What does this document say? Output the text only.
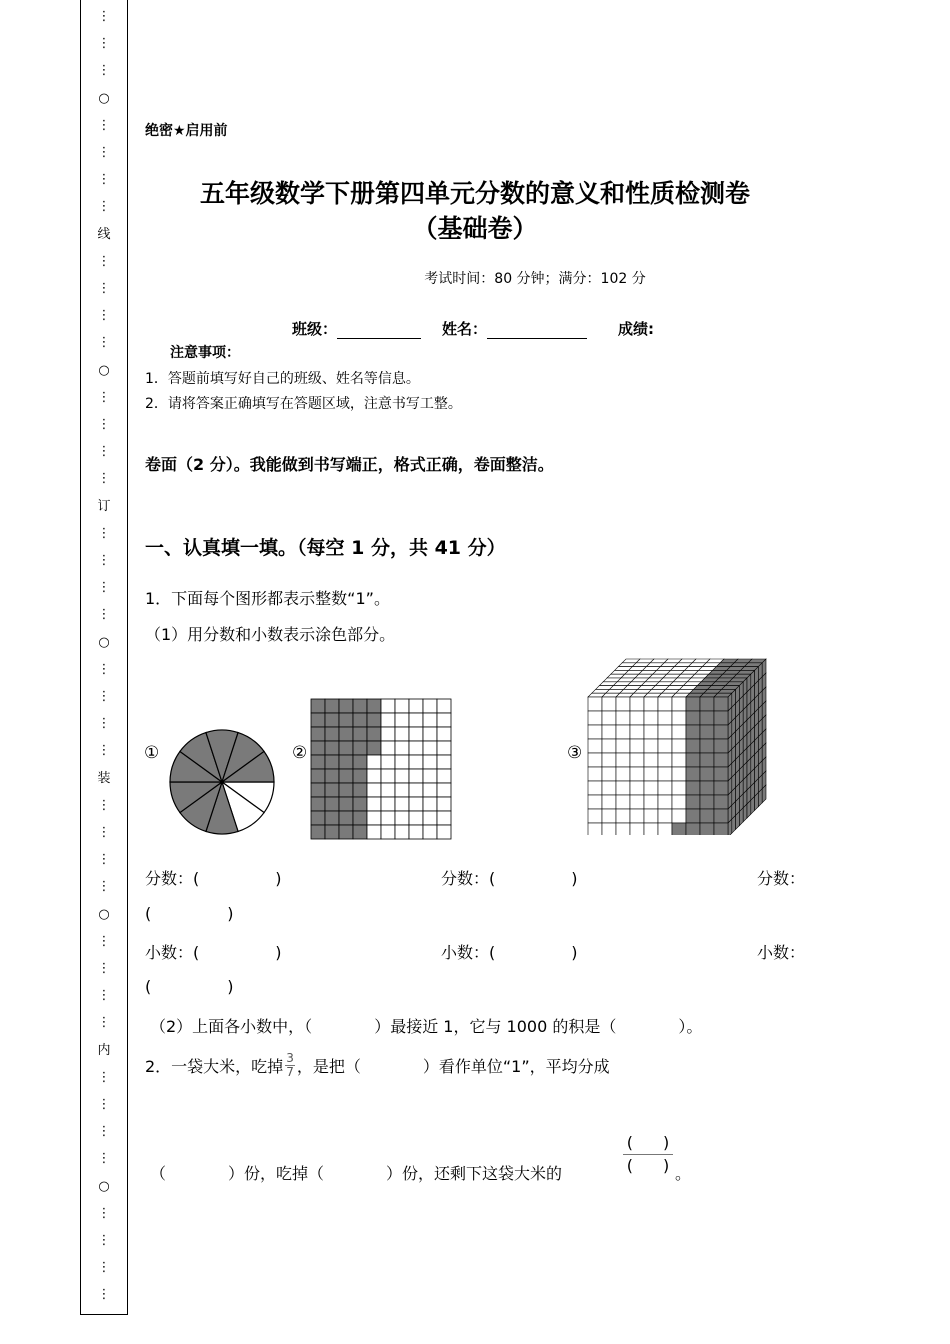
⋮
⋮
⋮
○
⋮
⋮
⋮
⋮
线
⋮
⋮
⋮
⋮
○
⋮
⋮
⋮
⋮
订
⋮
⋮
⋮
⋮
○
⋮
⋮
⋮
⋮
装
⋮
⋮
⋮
⋮
○
⋮
⋮
⋮
⋮
内
⋮
⋮
⋮
⋮
○
⋮
⋮
⋮
⋮
绝密★启用前
五年级数学下册第四单元分数的意义和性质检测卷
（基础卷）
考试时间：80 分钟；满分：102 分
班级：	姓名：	成绩:
注意事项：
1．答题前填写好自己的班级、姓名等信息。
2．请将答案正确填写在答题区域，注意书写工整。
卷面（2 分）。我能做到书写端正，格式正确，卷面整洁。
一、认真填一填。（每空 1 分，共 41 分）
1．下面每个图形都表示整数“1”。
（1）用分数和小数表示涂色部分。
①	②	③
分数：(	)	分数：(	)	分数：
(	)
小数：(	)	小数：(	)	小数：
(	)
（2）上面各小数中，（	）最接近 1，它与 1000 的积是（	）。
2．一袋大米，吃掉 $\frac{3}{7}$ ，是把（	）看作单位“1”，平均分成
（	）份，吃掉（	）份，还剩下这袋大米的
( )
( ) 。
